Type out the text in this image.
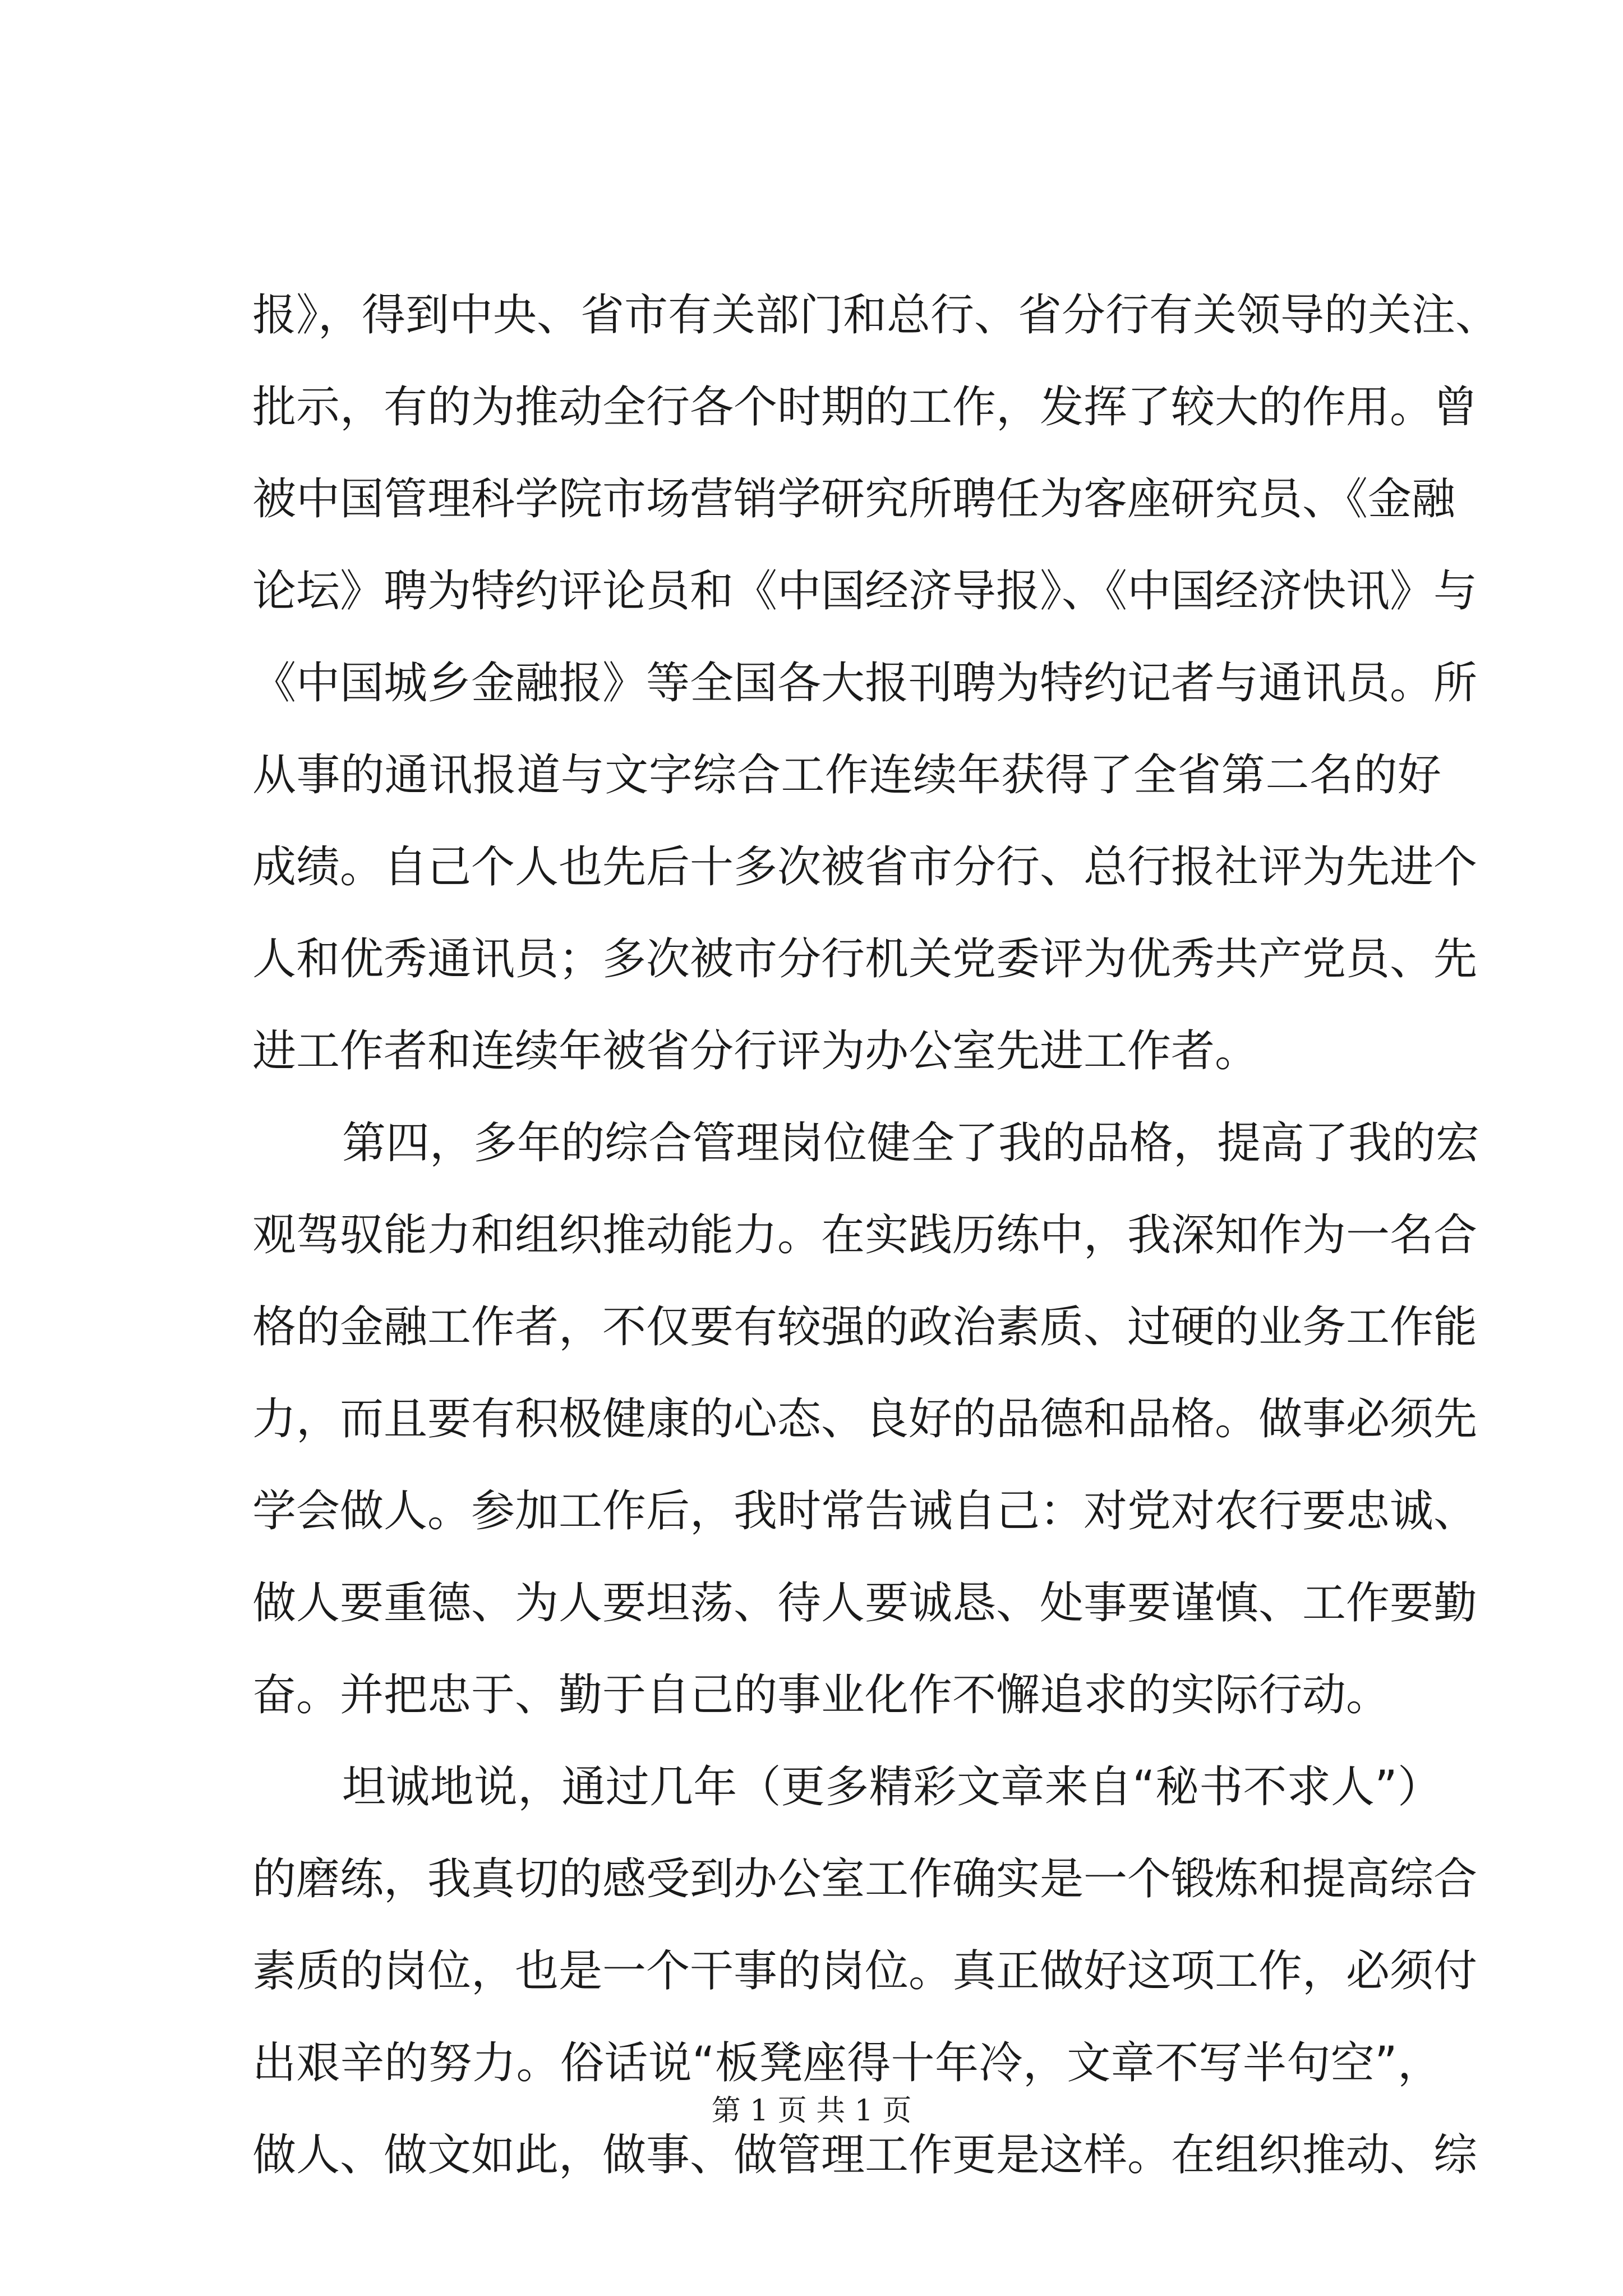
报》，得到中央、省市有关部门和总行、省分行有关领导的关注、
批示，有的为推动全行各个时期的工作，发挥了较大的作用。曾
被中国管理科学院市场营销学研究所聘任为客座研究员、《金融
论坛》聘为特约评论员和《中国经济导报》、《中国经济快讯》与
《中国城乡金融报》等全国各大报刊聘为特约记者与通讯员。所
从事的通讯报道与文字综合工作连续年获得了全省第二名的好
成绩。自己个人也先后十多次被省市分行、总行报社评为先进个
人和优秀通讯员；多次被市分行机关党委评为优秀共产党员、先
进工作者和连续年被省分行评为办公室先进工作者。
第四，多年的综合管理岗位健全了我的品格，提高了我的宏
观驾驭能力和组织推动能力。在实践历练中，我深知作为一名合
格的金融工作者，不仅要有较强的政治素质、过硬的业务工作能
力，而且要有积极健康的心态、良好的品德和品格。做事必须先
学会做人。参加工作后，我时常告诫自己：对党对农行要忠诚、
做人要重德、为人要坦荡、待人要诚恳、处事要谨慎、工作要勤
奋。并把忠于、勤于自己的事业化作不懈追求的实际行动。
坦诚地说，通过几年（更多精彩文章来自“秘书不求人”）
的磨练，我真切的感受到办公室工作确实是一个锻炼和提高综合
素质的岗位，也是一个干事的岗位。真正做好这项工作，必须付
出艰辛的努力。俗话说“板凳座得十年冷，文章不写半句空”，
做人、做文如此，做事、做管理工作更是这样。在组织推动、综
第 1 页 共 1 页
